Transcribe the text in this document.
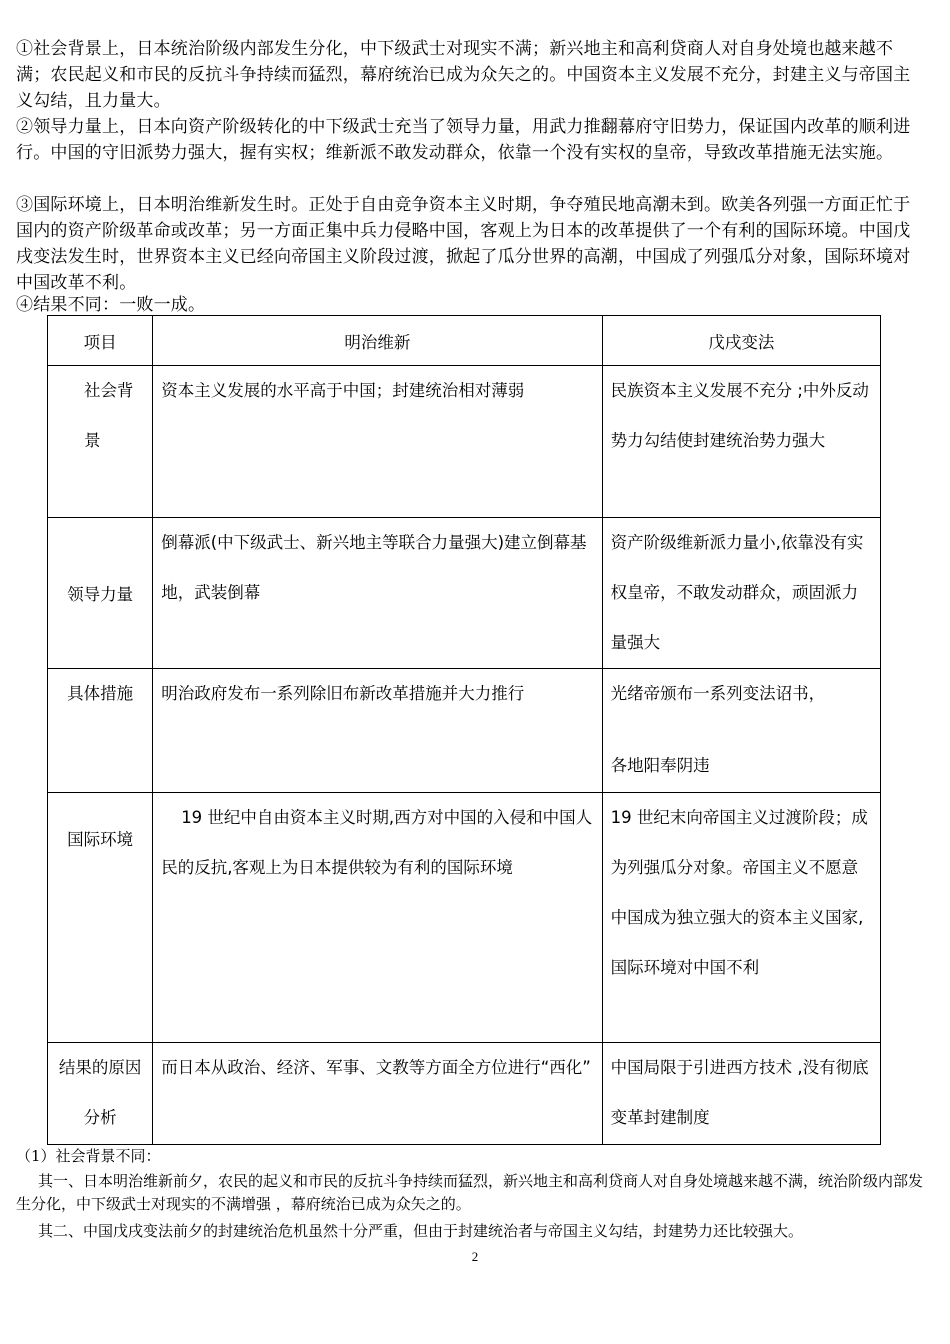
①社会背景上，日本统治阶级内部发生分化，中下级武士对现实不满；新兴地主和高利贷商人对自身处境也越来越不满；农民起义和市民的反抗斗争持续而猛烈，幕府统治已成为众矢之的。中国资本主义发展不充分，封建主义与帝国主义勾结，且力量大。

②领导力量上，日本向资产阶级转化的中下级武士充当了领导力量，用武力推翻幕府守旧势力，保证国内改革的顺利进行。中国的守旧派势力强大，握有实权；维新派不敢发动群众，依靠一个没有实权的皇帝，导致改革措施无法实施。

③国际环境上，日本明治维新发生时。正处于自由竞争资本主义时期，争夺殖民地高潮未到。欧美各列强一方面正忙于国内的资产阶级革命或改革；另一方面正集中兵力侵略中国，客观上为日本的改革提供了一个有利的国际环境。中国戊戌变法发生时，世界资本主义已经向帝国主义阶段过渡，掀起了瓜分世界的高潮，中国成了列强瓜分对象，国际环境对中国改革不利。

④结果不同：一败一成。

项目	明治维新	戊戌变法

社会背景	资本主义发展的水平高于中国；封建统治相对薄弱	民族资本主义发展不充分 ;中外反动势力勾结使封建统治势力强大
领导力量	倒幕派(中下级武士、新兴地主等联合力量强大)建立倒幕基地，武装倒幕	资产阶级维新派力量小,依靠没有实权皇帝，不敢发动群众，顽固派力量强大
具体措施	明治政府发布一系列除旧布新改革措施并大力推行	光绪帝颁布一系列变法诏书，
各地阳奉阴违

国际环境	19 世纪中自由资本主义时期,西方对中国的入侵和中国人民的反抗,客观上为日本提供较为有利的国际环境	19 世纪末向帝国主义过渡阶段；成为列强瓜分对象。帝国主义不愿意中国成为独立强大的资本主义国家,国际环境对中国不利
结果的原因分析	而日本从政治、经济、军事、文教等方面全方位进行“西化”	中国局限于引进西方技术 ,没有彻底变革封建制度

（1）社会背景不同：

其一、日本明治维新前夕，农民的起义和市民的反抗斗争持续而猛烈，新兴地主和高利贷商人对自身处境越来越不满，统治阶级内部发生分化，中下级武士对现实的不满增强 ，幕府统治已成为众矢之的。

其二、中国戊戌变法前夕的封建统治危机虽然十分严重，但由于封建统治者与帝国主义勾结，封建势力还比较强大。

2
